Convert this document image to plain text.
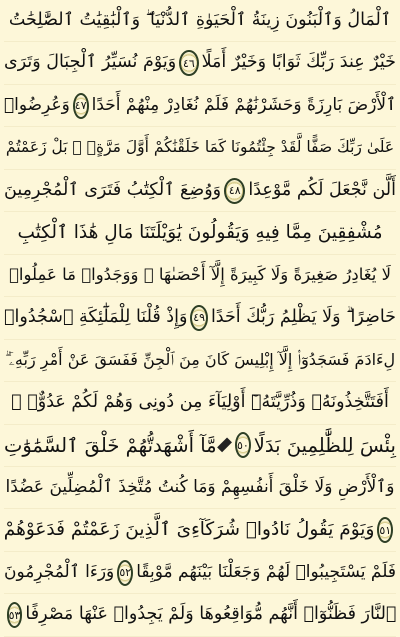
ٱلْمَالُ وَٱلْبَنُونَ زِينَةُ ٱلْحَيَوٰةِ ٱلدُّنْيَا ۖ وَٱلْبَٰقِيَٰتُ ٱلصَّٰلِحَٰتُ
خَيْرٌ عِندَ رَبِّكَ ثَوَابًا وَخَيْرٌ أَمَلًا
٤٦
وَيَوْمَ نُسَيِّرُ ٱلْجِبَالَ وَتَرَى
ٱلْأَرْضَ بَارِزَةً وَحَشَرْنَٰهُمْ فَلَمْ نُغَادِرْ مِنْهُمْ أَحَدًا
٤٧
وَعُرِضُوا۟
عَلَىٰ رَبِّكَ صَفًّا لَّقَدْ جِئْتُمُونَا كَمَا خَلَقْنَٰكُمْ أَوَّلَ مَرَّةٍۭ ۚ بَلْ زَعَمْتُمْ
أَلَّن نَّجْعَلَ لَكُم مَّوْعِدًا
٤٨
وَوُضِعَ ٱلْكِتَٰبُ فَتَرَى ٱلْمُجْرِمِينَ
مُشْفِقِينَ مِمَّا فِيهِ وَيَقُولُونَ يَٰوَيْلَتَنَا مَالِ هَٰذَا ٱلْكِتَٰبِ
لَا يُغَادِرُ صَغِيرَةً وَلَا كَبِيرَةً إِلَّآ أَحْصَىٰهَا ۚ وَوَجَدُوا۟ مَا عَمِلُوا۟
حَاضِرًا ۗ وَلَا يَظْلِمُ رَبُّكَ أَحَدًا
٤٩
وَإِذْ قُلْنَا لِلْمَلَٰٓئِكَةِ ٱسْجُدُوا۟
لِءَادَمَ فَسَجَدُوٓا۟ إِلَّآ إِبْلِيسَ كَانَ مِنَ ٱلْجِنِّ فَفَسَقَ عَنْ أَمْرِ رَبِّهِۦٓ ۗ
أَفَتَتَّخِذُونَهُۥ وَذُرِّيَّتَهُۥٓ أَوْلِيَآءَ مِن دُونِى وَهُمْ لَكُمْ عَدُوٌّۢ ۚ
بِئْسَ لِلظَّٰلِمِينَ بَدَلًا
٥٠
مَّآ أَشْهَدتُّهُمْ خَلْقَ ٱلسَّمَٰوَٰتِ
وَٱلْأَرْضِ وَلَا خَلْقَ أَنفُسِهِمْ وَمَا كُنتُ مُتَّخِذَ ٱلْمُضِلِّينَ عَضُدًا
٥١
وَيَوْمَ يَقُولُ نَادُوا۟ شُرَكَآءِىَ ٱلَّذِينَ زَعَمْتُمْ فَدَعَوْهُمْ
فَلَمْ يَسْتَجِيبُوا۟ لَهُمْ وَجَعَلْنَا بَيْنَهُم مَّوْبِقًا
٥٢
وَرَءَا ٱلْمُجْرِمُونَ
ٱلنَّارَ فَظَنُّوٓا۟ أَنَّهُم مُّوَاقِعُوهَا وَلَمْ يَجِدُوا۟ عَنْهَا مَصْرِفًا
٥٣
